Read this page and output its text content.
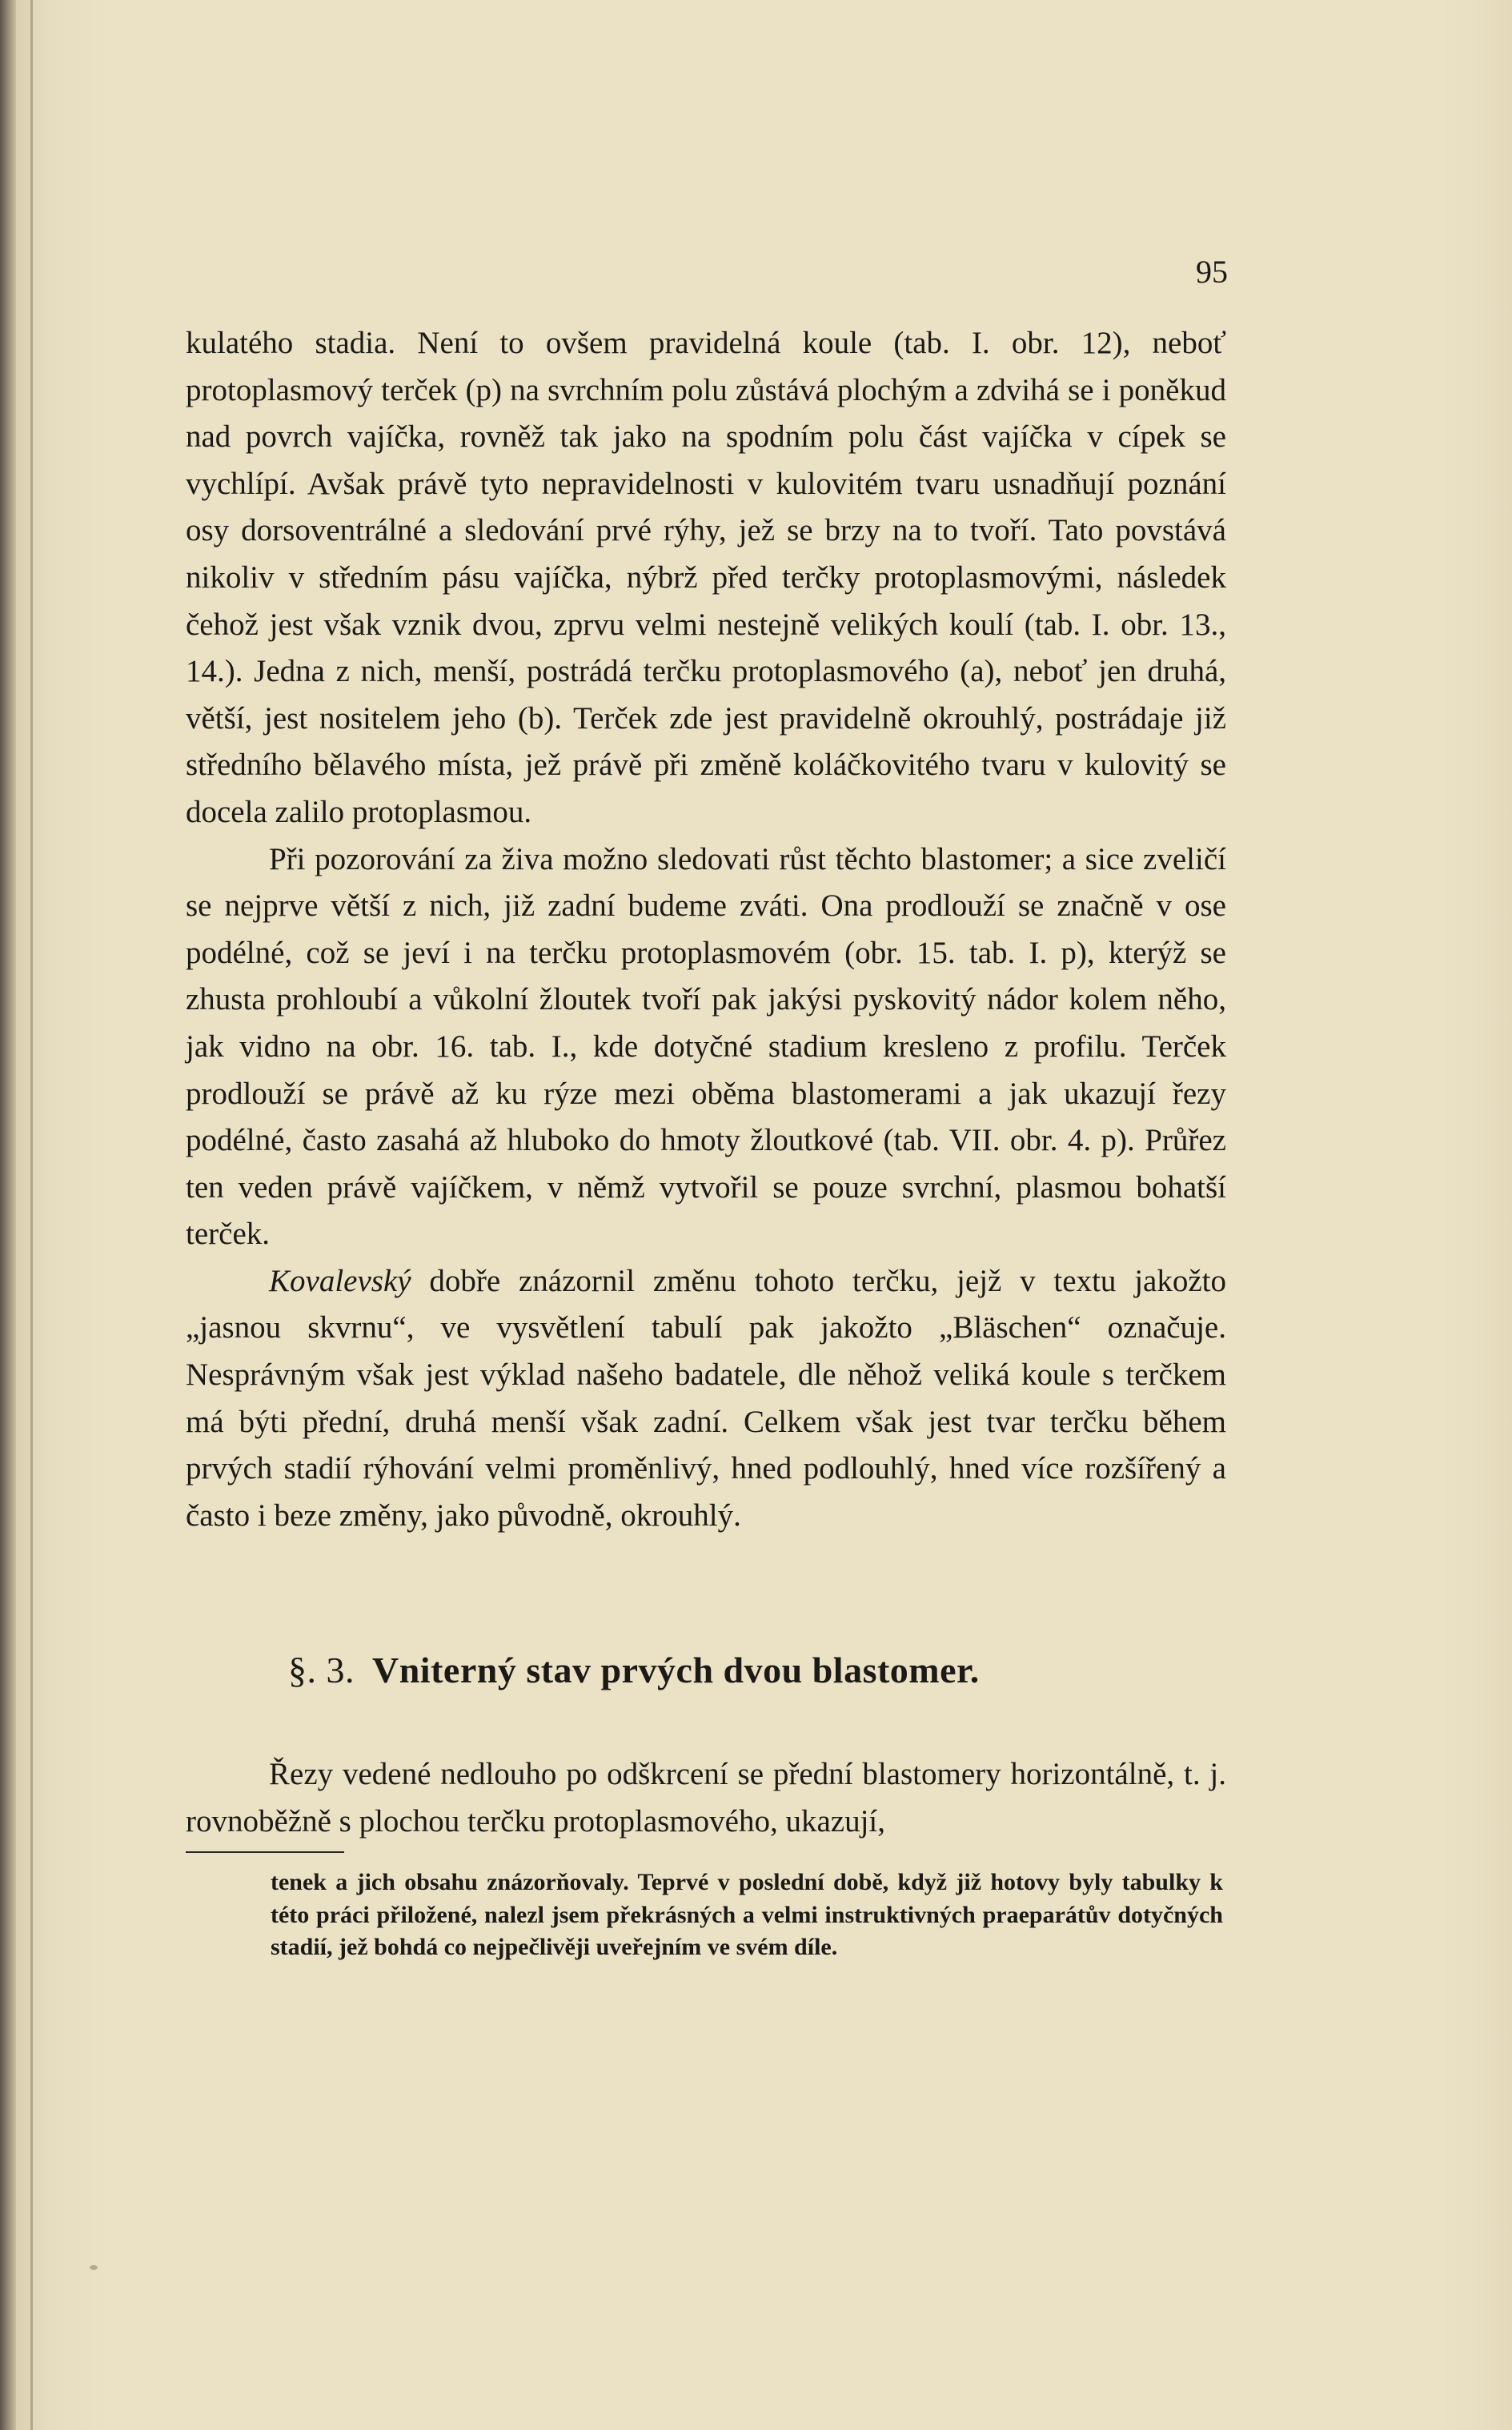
95

kulatého stadia. Není to ovšem pravidelná koule (tab. I. obr. 12), neboť protoplasmový terček (p) na svrchním polu zůstává plochým a zdvihá se i poněkud nad povrch vajíčka, rovněž tak jako na spodním polu část vajíčka v cípek se vychlípí. Avšak právě tyto nepravidelnosti v kulovitém tvaru usnadňují poznání osy dorsoventrálné a sledování prvé rýhy, jež se brzy na to tvoří. Tato povstává nikoliv v středním pásu vajíčka, nýbrž před terčky protoplasmovými, následek čehož jest však vznik dvou, zprvu velmi nestejně velikých koulí (tab. I. obr. 13., 14.). Jedna z nich, menší, postrádá terčku protoplasmového (a), neboť jen druhá, větší, jest nositelem jeho (b). Terček zde jest pravidelně okrouhlý, postrádaje již středního bělavého místa, jež právě při změně koláčkovitého tvaru v kulovitý se docela zalilo protoplasmou.

Při pozorování za živa možno sledovati růst těchto blastomer; a sice zveličí se nejprve větší z nich, již zadní budeme zváti. Ona prodlouží se značně v ose podélné, což se jeví i na terčku protoplasmovém (obr. 15. tab. I. p), kterýž se zhusta prohloubí a vůkolní žloutek tvoří pak jakýsi pyskovitý nádor kolem něho, jak vidno na obr. 16. tab. I., kde dotyčné stadium kresleno z profilu. Terček prodlouží se právě až ku rýze mezi oběma blastomerami a jak ukazují řezy podélné, často zasahá až hluboko do hmoty žloutkové (tab. VII. obr. 4. p). Průřez ten veden právě vajíčkem, v němž vytvořil se pouze svrchní, plasmou bohatší terček.

Kovalevský dobře znázornil změnu tohoto terčku, jejž v textu jakožto „jasnou skvrnu“, ve vysvětlení tabulí pak jakožto „Bläschen“ označuje. Nesprávným však jest výklad našeho badatele, dle něhož veliká koule s terčkem má býti přední, druhá menší však zadní. Celkem však jest tvar terčku během prvých stadií rýhování velmi proměnlivý, hned podlouhlý, hned více rozšířený a často i beze změny, jako původně, okrouhlý.

§. 3. Vniterný stav prvých dvou blastomer.

Řezy vedené nedlouho po odškrcení se přední blastomery horizontálně, t. j. rovnoběžně s plochou terčku protoplasmového, ukazují,

tenek a jich obsahu znázorňovaly. Teprvé v poslední době, když již hotovy byly tabulky k této práci přiložené, nalezl jsem překrásných a velmi instruktivných praeparátův dotyčných stadií, jež bohdá co nejpečlivěji uveřejním ve svém díle.
